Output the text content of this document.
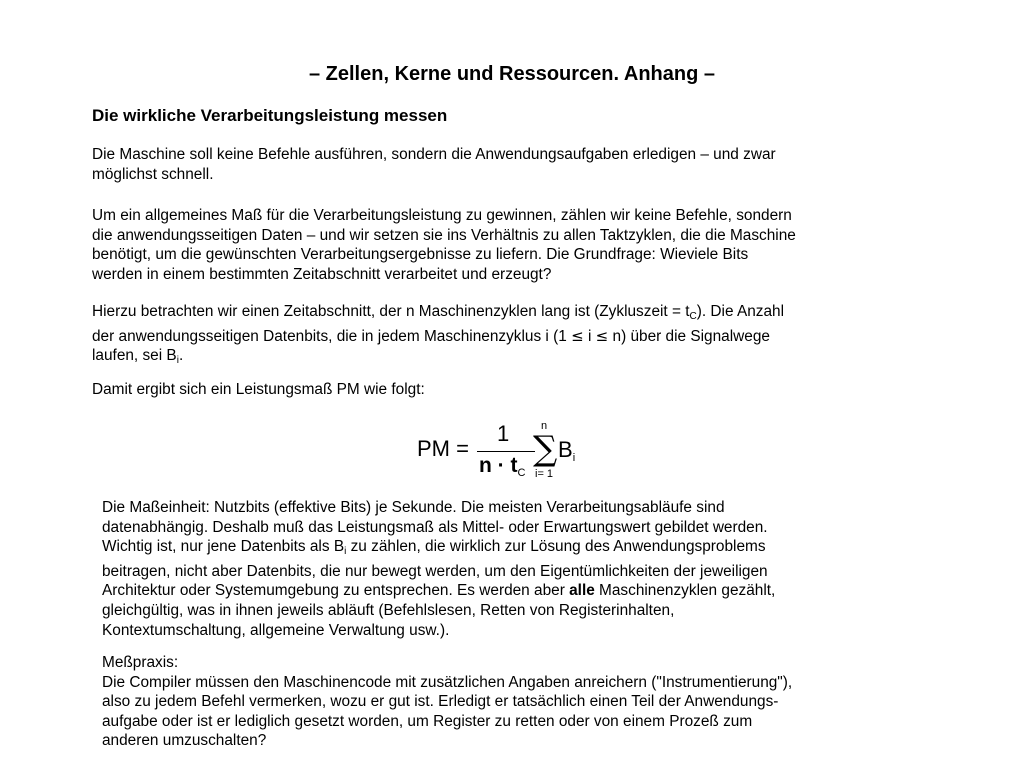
– Zellen, Kerne und Ressourcen. Anhang –
Die wirkliche Verarbeitungsleistung messen

Die Maschine soll keine Befehle ausführen, sondern die Anwendungsaufgaben erledigen – und zwar
möglichst schnell.

Um ein allgemeines Maß für die Verarbeitungsleistung zu gewinnen, zählen wir keine Befehle, sondern
die anwendungsseitigen Daten – und wir setzen sie ins Verhältnis zu allen Taktzyklen, die die Maschine
benötigt, um die gewünschten Verarbeitungsergebnisse zu liefern. Die Grundfrage: Wieviele Bits
werden in einem bestimmten Zeitabschnitt verarbeitet und erzeugt?

Hierzu betrachten wir einen Zeitabschnitt, der n Maschinenzyklen lang ist (Zykluszeit = $t_C$). Die Anzahl
der anwendungsseitigen Datenbits, die in jedem Maschinenzyklus i (1 ≤ i ≤ n) über die Signalwege
laufen, sei $B_i$.

Damit ergibt sich ein Leistungsmaß PM wie folgt:

PM =
1
n · tC
n
∑
i= 1
Bi

Die Maßeinheit: Nutzbits (effektive Bits) je Sekunde. Die meisten Verarbeitungsabläufe sind
datenabhängig. Deshalb muß das Leistungsmaß als Mittel- oder Erwartungswert gebildet werden.
Wichtig ist, nur jene Datenbits als $B_i$ zu zählen, die wirklich zur Lösung des Anwendungsproblems
beitragen, nicht aber Datenbits, die nur bewegt werden, um den Eigentümlichkeiten der jeweiligen
Architektur oder Systemumgebung zu entsprechen. Es werden aber alle Maschinenzyklen gezählt,
gleichgültig, was in ihnen jeweils abläuft (Befehlslesen, Retten von Registerinhalten,
Kontextumschaltung, allgemeine Verwaltung usw.).

Meßpraxis:
Die Compiler müssen den Maschinencode mit zusätzlichen Angaben anreichern ("Instrumentierung"),
also zu jedem Befehl vermerken, wozu er gut ist. Erledigt er tatsächlich einen Teil der Anwendungs-
aufgabe oder ist er lediglich gesetzt worden, um Register zu retten oder von einem Prozeß zum
anderen umzuschalten?
